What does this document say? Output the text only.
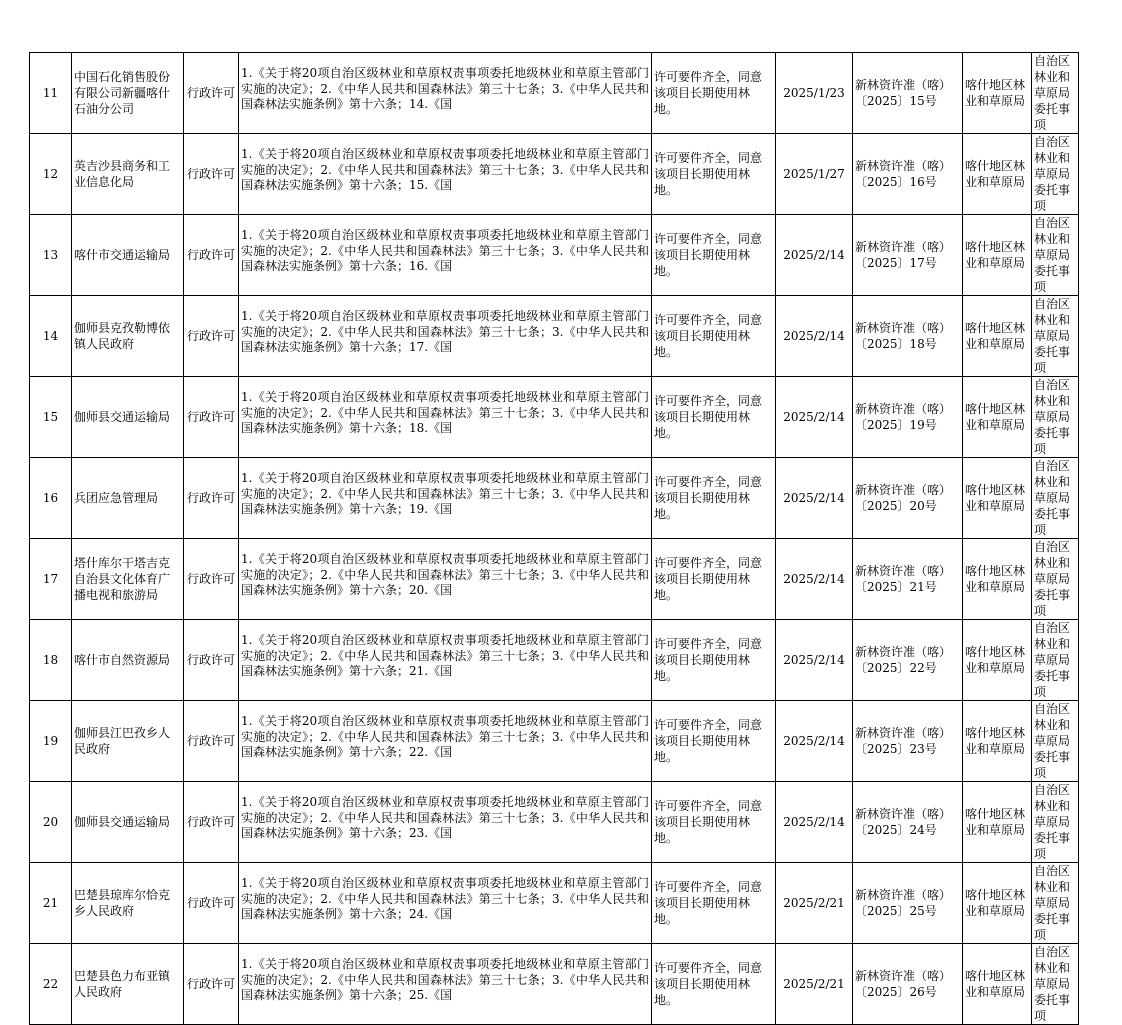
11	中国石化销售股份有限公司新疆喀什石油分公司	行政许可	1.《关于将20项自治区级林业和草原权责事项委托地级林业和草原主管部门实施的决定》；2.《中华人民共和国森林法》第三十七条；3.《中华人民共和国森林法实施条例》第十六条；14.《国	许可要件齐全，同意该项目长期使用林地。	2025/1/23	新林资许准（喀）〔2025〕15号	喀什地区林业和草原局	自治区林业和草原局委托事项
12	英吉沙县商务和工业信息化局	行政许可	1.《关于将20项自治区级林业和草原权责事项委托地级林业和草原主管部门实施的决定》；2.《中华人民共和国森林法》第三十七条；3.《中华人民共和国森林法实施条例》第十六条；15.《国	许可要件齐全，同意该项目长期使用林地。	2025/1/27	新林资许准（喀）〔2025〕16号	喀什地区林业和草原局	自治区林业和草原局委托事项
13	喀什市交通运输局	行政许可	1.《关于将20项自治区级林业和草原权责事项委托地级林业和草原主管部门实施的决定》；2.《中华人民共和国森林法》第三十七条；3.《中华人民共和国森林法实施条例》第十六条；16.《国	许可要件齐全，同意该项目长期使用林地。	2025/2/14	新林资许准（喀）〔2025〕17号	喀什地区林业和草原局	自治区林业和草原局委托事项
14	伽师县克孜勒博依镇人民政府	行政许可	1.《关于将20项自治区级林业和草原权责事项委托地级林业和草原主管部门实施的决定》；2.《中华人民共和国森林法》第三十七条；3.《中华人民共和国森林法实施条例》第十六条；17.《国	许可要件齐全，同意该项目长期使用林地。	2025/2/14	新林资许准（喀）〔2025〕18号	喀什地区林业和草原局	自治区林业和草原局委托事项
15	伽师县交通运输局	行政许可	1.《关于将20项自治区级林业和草原权责事项委托地级林业和草原主管部门实施的决定》；2.《中华人民共和国森林法》第三十七条；3.《中华人民共和国森林法实施条例》第十六条；18.《国	许可要件齐全，同意该项目长期使用林地。	2025/2/14	新林资许准（喀）〔2025〕19号	喀什地区林业和草原局	自治区林业和草原局委托事项
16	兵团应急管理局	行政许可	1.《关于将20项自治区级林业和草原权责事项委托地级林业和草原主管部门实施的决定》；2.《中华人民共和国森林法》第三十七条；3.《中华人民共和国森林法实施条例》第十六条；19.《国	许可要件齐全，同意该项目长期使用林地。	2025/2/14	新林资许准（喀）〔2025〕20号	喀什地区林业和草原局	自治区林业和草原局委托事项
17	塔什库尔干塔吉克自治县文化体育广播电视和旅游局	行政许可	1.《关于将20项自治区级林业和草原权责事项委托地级林业和草原主管部门实施的决定》；2.《中华人民共和国森林法》第三十七条；3.《中华人民共和国森林法实施条例》第十六条；20.《国	许可要件齐全，同意该项目长期使用林地。	2025/2/14	新林资许准（喀）〔2025〕21号	喀什地区林业和草原局	自治区林业和草原局委托事项
18	喀什市自然资源局	行政许可	1.《关于将20项自治区级林业和草原权责事项委托地级林业和草原主管部门实施的决定》；2.《中华人民共和国森林法》第三十七条；3.《中华人民共和国森林法实施条例》第十六条；21.《国	许可要件齐全，同意该项目长期使用林地。	2025/2/14	新林资许准（喀）〔2025〕22号	喀什地区林业和草原局	自治区林业和草原局委托事项
19	伽师县江巴孜乡人民政府	行政许可	1.《关于将20项自治区级林业和草原权责事项委托地级林业和草原主管部门实施的决定》；2.《中华人民共和国森林法》第三十七条；3.《中华人民共和国森林法实施条例》第十六条；22.《国	许可要件齐全，同意该项目长期使用林地。	2025/2/14	新林资许准（喀）〔2025〕23号	喀什地区林业和草原局	自治区林业和草原局委托事项
20	伽师县交通运输局	行政许可	1.《关于将20项自治区级林业和草原权责事项委托地级林业和草原主管部门实施的决定》；2.《中华人民共和国森林法》第三十七条；3.《中华人民共和国森林法实施条例》第十六条；23.《国	许可要件齐全，同意该项目长期使用林地。	2025/2/14	新林资许准（喀）〔2025〕24号	喀什地区林业和草原局	自治区林业和草原局委托事项
21	巴楚县琼库尔恰克乡人民政府	行政许可	1.《关于将20项自治区级林业和草原权责事项委托地级林业和草原主管部门实施的决定》；2.《中华人民共和国森林法》第三十七条；3.《中华人民共和国森林法实施条例》第十六条；24.《国	许可要件齐全，同意该项目长期使用林地。	2025/2/21	新林资许准（喀）〔2025〕25号	喀什地区林业和草原局	自治区林业和草原局委托事项
22	巴楚县色力布亚镇人民政府	行政许可	1.《关于将20项自治区级林业和草原权责事项委托地级林业和草原主管部门实施的决定》；2.《中华人民共和国森林法》第三十七条；3.《中华人民共和国森林法实施条例》第十六条；25.《国	许可要件齐全，同意该项目长期使用林地。	2025/2/21	新林资许准（喀）〔2025〕26号	喀什地区林业和草原局	自治区林业和草原局委托事项
